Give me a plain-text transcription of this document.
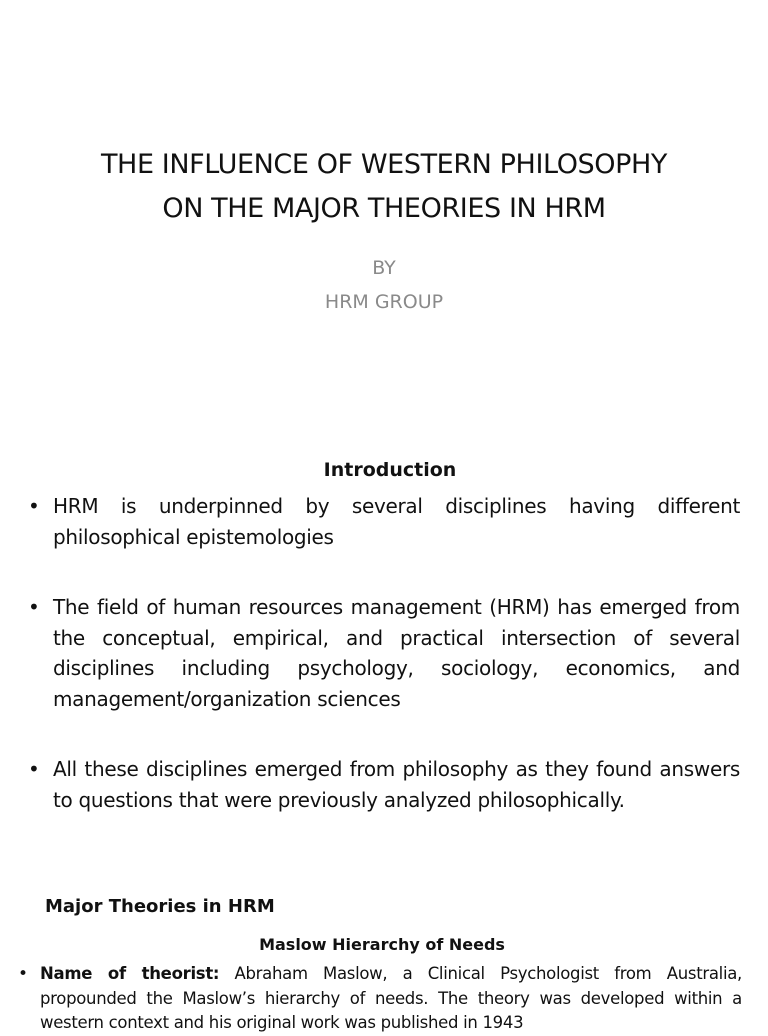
THE INFLUENCE OF WESTERN PHILOSOPHY
ON THE MAJOR THEORIES IN HRM
BY
HRM GROUP
Introduction
• HRM is underpinned by several disciplines having different philosophical epistemologies
• The field of human resources management (HRM) has emerged from the conceptual, empirical, and practical intersection of several disciplines including psychology, sociology, economics, and management/organization sciences
• All these disciplines emerged from philosophy as they found answers to questions that were previously analyzed philosophically.
Major Theories in HRM
Maslow Hierarchy of Needs
• Name of theorist: Abraham Maslow, a Clinical Psychologist from Australia, propounded the Maslow’s hierarchy of needs. The theory was developed within a western context and his original work was published in 1943
